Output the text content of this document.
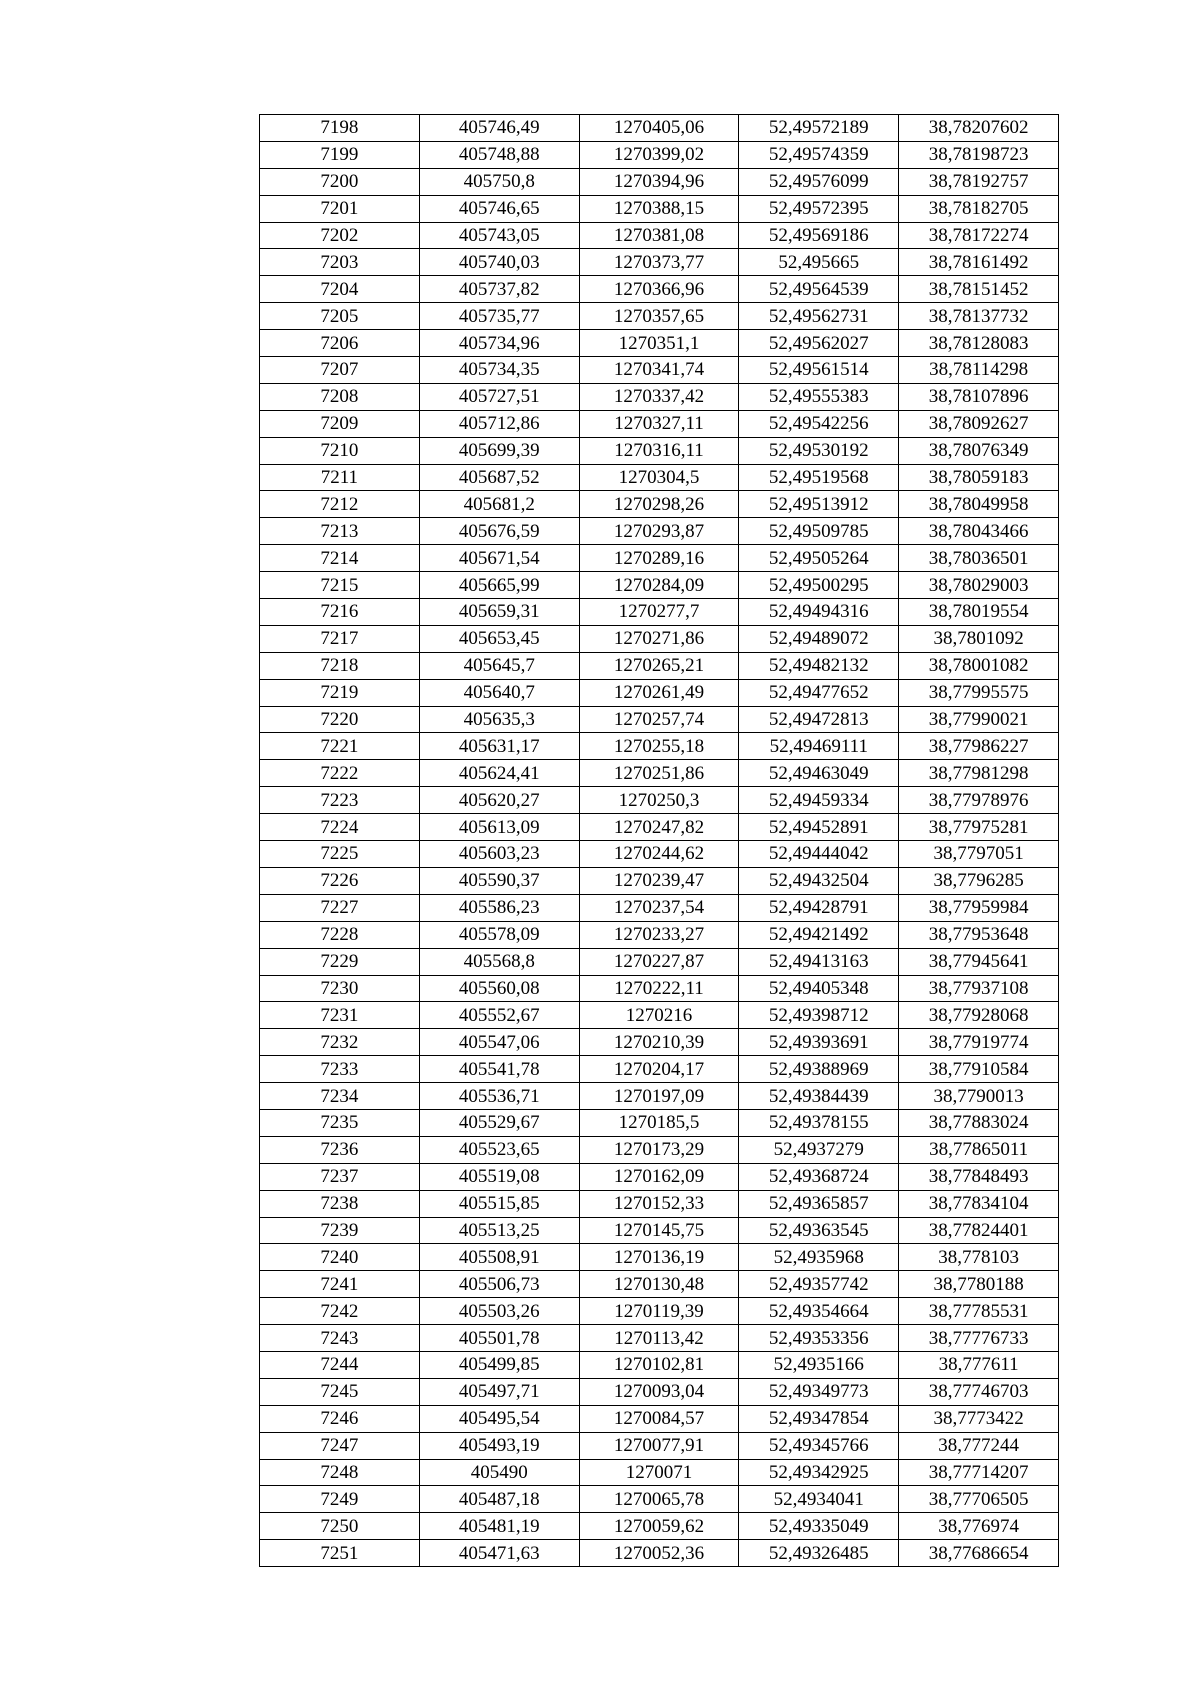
7198	405746,49	1270405,06	52,49572189	38,78207602
7199	405748,88	1270399,02	52,49574359	38,78198723
7200	405750,8	1270394,96	52,49576099	38,78192757
7201	405746,65	1270388,15	52,49572395	38,78182705
7202	405743,05	1270381,08	52,49569186	38,78172274
7203	405740,03	1270373,77	52,495665	38,78161492
7204	405737,82	1270366,96	52,49564539	38,78151452
7205	405735,77	1270357,65	52,49562731	38,78137732
7206	405734,96	1270351,1	52,49562027	38,78128083
7207	405734,35	1270341,74	52,49561514	38,78114298
7208	405727,51	1270337,42	52,49555383	38,78107896
7209	405712,86	1270327,11	52,49542256	38,78092627
7210	405699,39	1270316,11	52,49530192	38,78076349
7211	405687,52	1270304,5	52,49519568	38,78059183
7212	405681,2	1270298,26	52,49513912	38,78049958
7213	405676,59	1270293,87	52,49509785	38,78043466
7214	405671,54	1270289,16	52,49505264	38,78036501
7215	405665,99	1270284,09	52,49500295	38,78029003
7216	405659,31	1270277,7	52,49494316	38,78019554
7217	405653,45	1270271,86	52,49489072	38,7801092
7218	405645,7	1270265,21	52,49482132	38,78001082
7219	405640,7	1270261,49	52,49477652	38,77995575
7220	405635,3	1270257,74	52,49472813	38,77990021
7221	405631,17	1270255,18	52,49469111	38,77986227
7222	405624,41	1270251,86	52,49463049	38,77981298
7223	405620,27	1270250,3	52,49459334	38,77978976
7224	405613,09	1270247,82	52,49452891	38,77975281
7225	405603,23	1270244,62	52,49444042	38,7797051
7226	405590,37	1270239,47	52,49432504	38,7796285
7227	405586,23	1270237,54	52,49428791	38,77959984
7228	405578,09	1270233,27	52,49421492	38,77953648
7229	405568,8	1270227,87	52,49413163	38,77945641
7230	405560,08	1270222,11	52,49405348	38,77937108
7231	405552,67	1270216	52,49398712	38,77928068
7232	405547,06	1270210,39	52,49393691	38,77919774
7233	405541,78	1270204,17	52,49388969	38,77910584
7234	405536,71	1270197,09	52,49384439	38,7790013
7235	405529,67	1270185,5	52,49378155	38,77883024
7236	405523,65	1270173,29	52,4937279	38,77865011
7237	405519,08	1270162,09	52,49368724	38,77848493
7238	405515,85	1270152,33	52,49365857	38,77834104
7239	405513,25	1270145,75	52,49363545	38,77824401
7240	405508,91	1270136,19	52,4935968	38,778103
7241	405506,73	1270130,48	52,49357742	38,7780188
7242	405503,26	1270119,39	52,49354664	38,77785531
7243	405501,78	1270113,42	52,49353356	38,77776733
7244	405499,85	1270102,81	52,4935166	38,777611
7245	405497,71	1270093,04	52,49349773	38,77746703
7246	405495,54	1270084,57	52,49347854	38,7773422
7247	405493,19	1270077,91	52,49345766	38,777244
7248	405490	1270071	52,49342925	38,77714207
7249	405487,18	1270065,78	52,4934041	38,77706505
7250	405481,19	1270059,62	52,49335049	38,776974
7251	405471,63	1270052,36	52,49326485	38,77686654
